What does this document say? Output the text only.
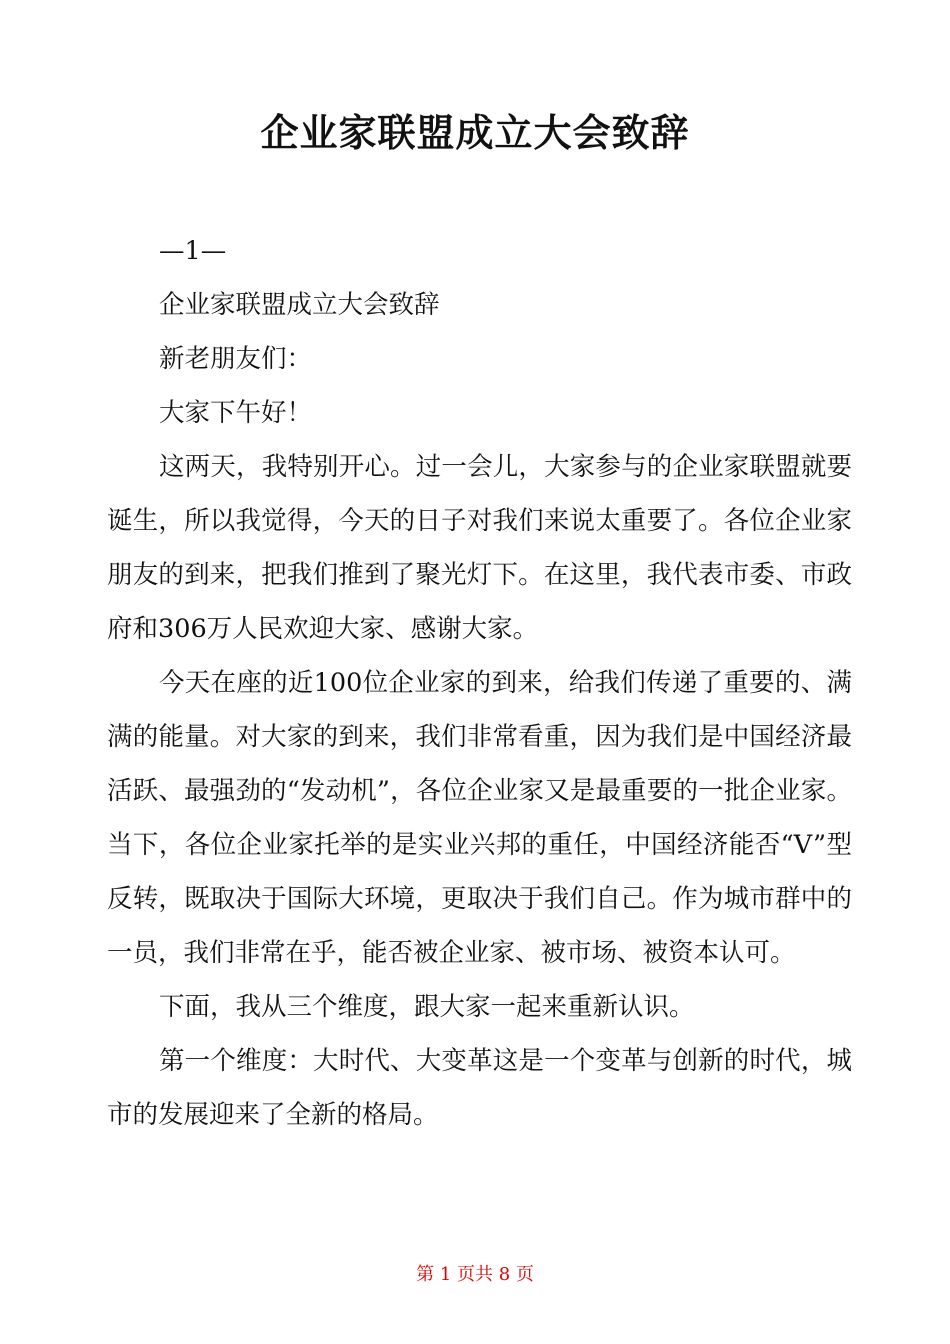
企业家联盟成立大会致辞

—1—

企业家联盟成立大会致辞

新老朋友们：

大家下午好！

这两天，我特别开心。过一会儿，大家参与的企业家联盟就要诞生，所以我觉得，今天的日子对我们来说太重要了。各位企业家朋友的到来，把我们推到了聚光灯下。在这里，我代表市委、市政府和306万人民欢迎大家、感谢大家。

今天在座的近100位企业家的到来，给我们传递了重要的、满满的能量。对大家的到来，我们非常看重，因为我们是中国经济最活跃、最强劲的“发动机”，各位企业家又是最重要的一批企业家。当下，各位企业家托举的是实业兴邦的重任，中国经济能否“V”型反转，既取决于国际大环境，更取决于我们自己。作为城市群中的一员，我们非常在乎，能否被企业家、被市场、被资本认可。

下面，我从三个维度，跟大家一起来重新认识。

第一个维度：大时代、大变革这是一个变革与创新的时代，城市的发展迎来了全新的格局。

第 1 页共 8 页
